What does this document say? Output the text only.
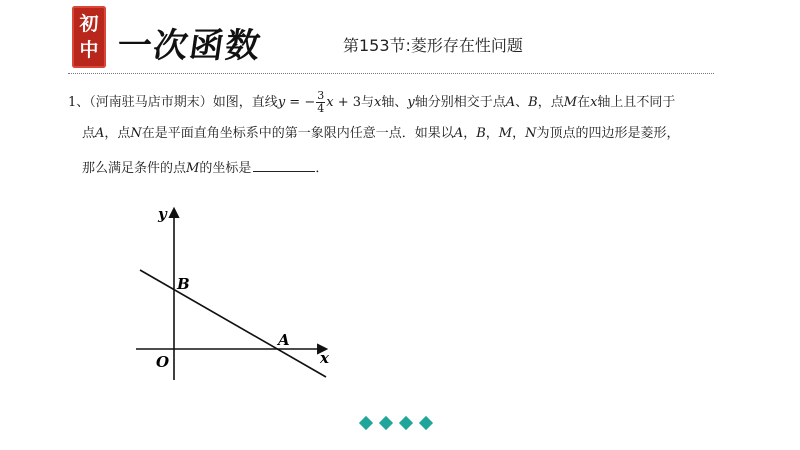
初
中 一次函数	第153节:菱形存在性问题
1、（河南驻马店市期末）如图，直线y = − $\frac{3}{4}$ x + 3与x轴、y轴分别相交于点A、B，点M在x轴上且不同于
点A，点N在是平面直角坐标系中的第一象限内任意一点．如果以A，B，M，N为顶点的四边形是菱形，
那么满足条件的点M的坐标是	．
y
x
O
B
A
